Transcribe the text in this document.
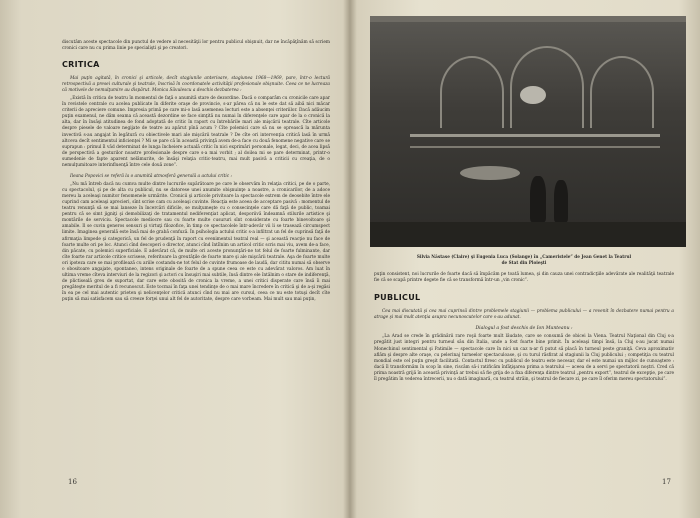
discutăm aceste spectacole din punctul de vedere al necesităţii lor pentru publicul obişnuit, dar ne încăpăţînăm să scriem cronici care nu cu prima linie pe specialişti şi pe creatori.

CRITICA

Mai puţin agitată, în cronici şi articole, decît stagiunile anterioare, stagiunea 1968—1969, pare, într-o lectură retrospectivă a presei culturale şi teatrale, înscrisă în coordonatele activităţii profesionale obişnuite. Ceea ce ne lucreaza că motivele de nemulţumire au dispărut. Monica Săvulescu a deschis dezbaterea :

„Există în critica de teatru în momentul de faţă o anumită stare de dezordine. Dacă o comparăm cu cronicile care apar în revistele centrale cu acelea publicate în diferite oraşe de provincie, s-ar părea că nu le este dat să aibă nici măcar criterii de apreciere comune. Impresia primă pe care mi-o lasă asemenea lecturi este a absenţei criteriilor. Dacă adăucim puţin examenul, ne dăm seama că această dezordine se face simţită nu numai în diferenţele care apar de la o cronică la alta, dar în însăşi atitudinea de fond adoptată de critic în raport cu întrebările mari ale mişcării teatrale. Cîte articole despre piesele de valoare negijate de teatre au apărut pînă acum ? Cîte polemici care să nu se opreascã la mărunta invectivă s-au angajat în legătură cu obiectivele mari ale mişcării teatrale ? De cîte ori intervenţia critică lasă în urmă altceva decît sentimentul inficienţei ? Mi se pare că în această privinţă avem de-a face cu două fenomene negative care se suprapun : primul îl văd determinat de lunga încheiere actuală critic în nici exprimări personale, legat, deci, de acea lipsă de perspectivă a gesturilor noastre profesionale despre care s-a mai vorbit ; al doilea mi se pare determinat, printr-o sumedenie de fapte aparent nelămurite, de însăşi relaţia critic-teatru, mai mult pasivă a criticii cu creaţia, de o nemulţumitoare interinfluenţă între cele două zone”.

Ileana Popovici se referă la o anumită atmosferă generală a actului critic :

„Nu mă întreb dacă nu cumva multe dintre lucrurile supărătoare pe care le observăm în relaţia critici, pe de o parte, cu spectacolul, şi pe de alta cu publicul, nu se datorese unei anumite obişnuinţe a noastre, a cronicarilor, de a adoce mereu la aceleaşi numitor fenomenele urmărite. Cronicii şi articole privitoare la spectacole extrem de deosebite între ele cuprind cam aceleaşi aprecieri, sînt scrise cam cu aceleaşi cuvinte. Reacţia este aceea de acceptare pasivă : momentul de teatru renunţă să se mai lanseze în încercări dificile, se mulţumeşte cu o consecinţele care dă faţă de public, toamai pentru că se simt jigniţi şi demobilizaţi de tratamentul nediferenţiat aplicat, desporiivă îndeamnă stilurile artistice şi montările de serviciu. Spectacole mediocre sau cu foarte multe cusururi sînt considerate cu foarte binevoitoare şi amabile. Il se cuvin generos sensuri şi virtuţi filozofice, în timp ce spectacolele într-adevăr vii li se trasează circumspect limite. Imaginea generală este însă mai de grabă confuză. În psihologia actului critic s-a infiltrat un fel de cuprinsă faţă de afirmaţia limpede şi categorică, un fel de prudenţă în raport cu evenimentul teatral real — şi această reacţie nu face de foarte multe ori pe loc. Atunci cînd descoperi o director, atunci cînd întîlnim un articol critic scris mai viu, avem de-a face, din păcate, cu polemici superficiale. E adevărat că, de multe ori aceste pronunţări-ne tot felul de foarte fulminante, dar cîte foarte rar articole critice scrisese, referitoare la greutăţile de foarte mare şi ale mişcării teatrale. Aşa de foarte multe ori ipoteza care se mai profilează cu ariile costandu-ne tot felul de cuvinte frumoase de laudă, dar cititu numai să observe o obositoare angajate, spontaneo, intens originale de foarte de a spune ceea ce este cu adevărat valoros. Am luat în ultima vreme cîteva interviuri de la regizori şi actori cu însuşiri mai subtile, însă dintre ele întâlnim o stare de indiferenţă, de plictiseală greu de suportat, dar care este obosită de cronica la vreme, a unei critici disperate care însă îi mai pregăteşte meritul de a fi recunoscut. Este tocmai în faţa unei tendinţe de o mai mare încredere în critică şi de a-şi regăsi în ea pe cel mai autentic prieten şi nelicenţelor critică atunci cînd nu mai are cursul, ceea ce nu este totuşi decît cîte puţin să mai satisfacem sau să creeze forţei unui alt fel de autoritate, despre care vorbeam. Mai mult sau mai puţin,

16
Silvia Năstase (Claire) şi Eugenia Luca (Solange) în „Cameristele” de Jean Genet la Teatrul
de Stat din Ploieşti

puţin consistent, noi lucrurile de foarte dacă să împăcăm pe toată lumea, şi din cauza unei contradicţiile adevărate ale realităţii teatrale fie că se scapă printre degete fie că se transformă într-un „vin cronic”.

PUBLICUL

Cea mai discutată şi cea mai cuprinsă dintre problemele stagiunii — problema publicului — a revenit în dezbatere numai pentru a atrage şi mai mult atenţia asupra necunoscutelor care s-au adunat.

Dialogul a fost deschis de Ion Munteanu :

„La Arad se crede în grădinării rare roşii foarte mult lăudate, care se consumă de obicei la Viena. Teatrul Naţional din Cluj s-a pregătit just integri pentru turneul său din Italia, unde a fost foarte bine primit. În aceleaşi timpi însă, la Cluj s-au jucat numai Monechinul sentimental şi Patimile — spectacole care în nici un caz n-ar fi putut să placă în turneul peste graniţă. Ceva aproximativ aflăm şi despre alte oraşe, cu pelerinaj turneelor spectaculoase, şi cu turul răsfirat al stagiunii la Cluj publicului ; competiţia cu teatrul mondial este cel puţin greşit facilitată. Contactul firesc cu publicul de teatru este necesar, dar el este numai un mijloc de cunoaştere : dacă îl transformăm în scop în sine, riscăm să-i ratificăm înfăţişarea prima a teatrului — aceea de a servi pe spectatorii noştri. Cred că prima noastră grijă în această privinţă ar trebui să fie grija de a fixa diferenţa dintre teatrul „pentru export”, teatrul de excepţie, pe care îl pregătim în vederea întrecerii, nu o dată imaginară, cu teatrul străin, şi teatrul de fiecare zi, pe care îl oferim mereu spectatorului”.

17
